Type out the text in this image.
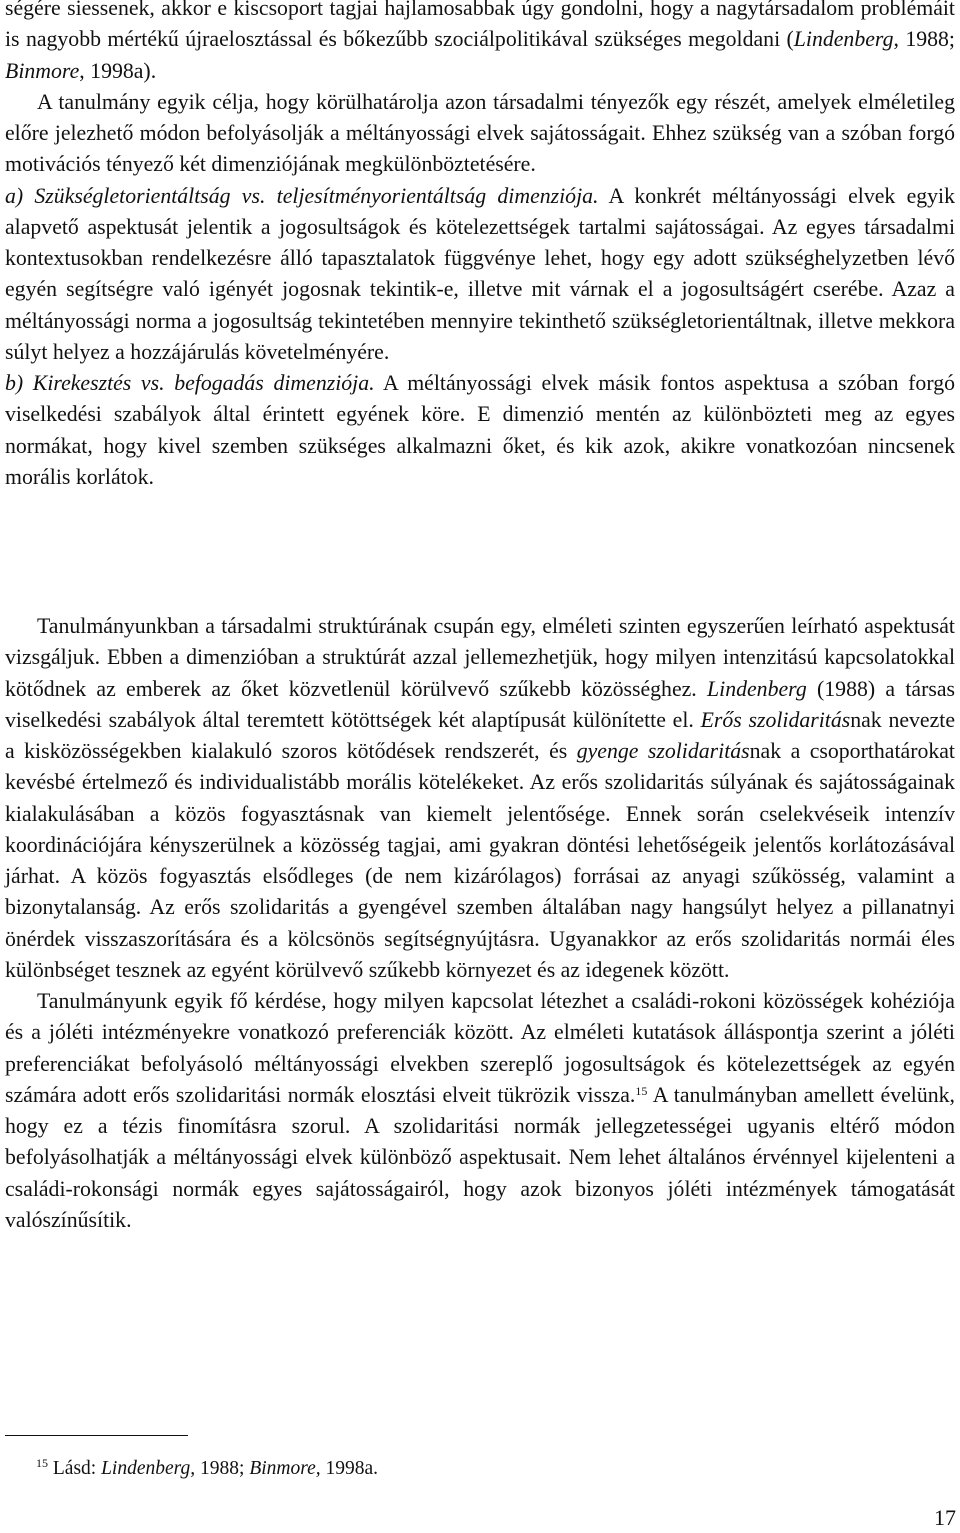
ségére siessenek, akkor e kiscsoport tagjai hajlamosabbak úgy gondolni, hogy a nagytársadalom problémáit is nagyobb mértékű újraelosztással és bőkezűbb szociálpolitikával szükséges megoldani (Lindenberg, 1988; Binmore, 1998a).

A tanulmány egyik célja, hogy körülhatárolja azon társadalmi tényezők egy részét, amelyek elméletileg előre jelezhető módon befolyásolják a méltányossági elvek sajátosságait. Ehhez szükség van a szóban forgó motivációs tényező két dimenziójának megkülönböztetésére.

a) Szükségletorientáltság vs. teljesítményorientáltság dimenziója. A konkrét méltányossági elvek egyik alapvető aspektusát jelentik a jogosultságok és kötelezettségek tartalmi sajátosságai. Az egyes társadalmi kontextusokban rendelkezésre álló tapasztalatok függvénye lehet, hogy egy adott szükséghelyzetben lévő egyén segítségre való igényét jogosnak tekintik-e, illetve mit várnak el a jogosultságért cserébe. Azaz a méltányossági norma a jogosultság tekintetében mennyire tekinthető szükségletorientáltnak, illetve mekkora súlyt helyez a hozzájárulás követelményére.

b) Kirekesztés vs. befogadás dimenziója. A méltányossági elvek másik fontos aspektusa a szóban forgó viselkedési szabályok által érintett egyének köre. E dimenzió mentén az különbözteti meg az egyes normákat, hogy kivel szemben szükséges alkalmazni őket, és kik azok, akikre vonatkozóan nincsenek morális korlátok.

Tanulmányunkban a társadalmi struktúrának csupán egy, elméleti szinten egyszerűen leírható aspektusát vizsgáljuk. Ebben a dimenzióban a struktúrát azzal jellemezhetjük, hogy milyen intenzitású kapcsolatokkal kötődnek az emberek az őket közvetlenül körülvevő szűkebb közösséghez. Lindenberg (1988) a társas viselkedési szabályok által teremtett kötöttségek két alaptípusát különítette el. Erős szolidaritásnak nevezte a kisközösségekben kialakuló szoros kötődések rendszerét, és gyenge szolidaritásnak a csoporthatárokat kevésbé értelmező és individualistább morális kötelékeket. Az erős szolidaritás súlyának és sajátosságainak kialakulásában a közös fogyasztásnak van kiemelt jelentősége. Ennek során cselekvéseik intenzív koordinációjára kényszerülnek a közösség tagjai, ami gyakran döntési lehetőségeik jelentős korlátozásával járhat. A közös fogyasztás elsődleges (de nem kizárólagos) forrásai az anyagi szűkösség, valamint a bizonytalanság. Az erős szolidaritás a gyengével szemben általában nagy hangsúlyt helyez a pillanatnyi önérdek visszaszorítására és a kölcsönös segítségnyújtásra. Ugyanakkor az erős szolidaritás normái éles különbséget tesznek az egyént körülvevő szűkebb környezet és az idegenek között.

Tanulmányunk egyik fő kérdése, hogy milyen kapcsolat létezhet a családi-rokoni közösségek kohéziója és a jóléti intézményekre vonatkozó preferenciák között. Az elméleti kutatások álláspontja szerint a jóléti preferenciákat befolyásoló méltányossági elvekben szereplő jogosultságok és kötelezettségek az egyén számára adott erős szolidaritási normák elosztási elveit tükrözik vissza.$^{15}$ A tanulmányban amellett évelünk, hogy ez a tézis finomításra szorul. A szolidaritási normák jellegzetességei ugyanis eltérő módon befolyásolhatják a méltányossági elvek különböző aspektusait. Nem lehet általános érvénnyel kijelenteni a családi-rokonsági normák egyes sajátosságairól, hogy azok bizonyos jóléti intézmények támogatását valószínűsítik.

$^{15}$ Lásd: Lindenberg, 1988; Binmore, 1998a.
17
